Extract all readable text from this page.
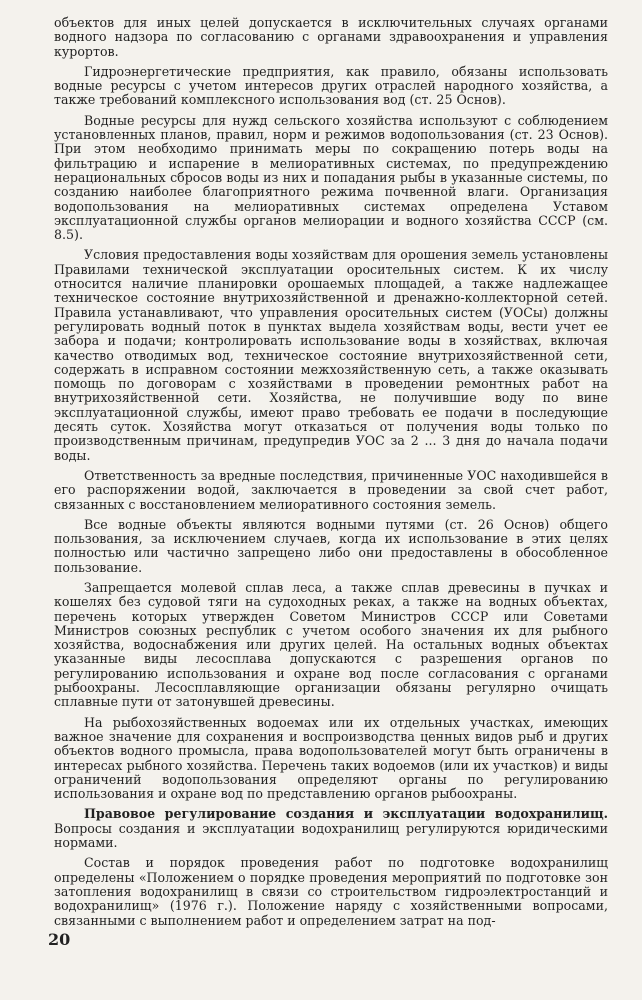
объектов для иных целей допускается в исключительных случаях органами водного надзора по согласованию с органами здравоохранения и управления курортов.

Гидроэнергетические предприятия, как правило, обязаны использовать водные ресурсы с учетом интересов других отраслей народного хозяйства, а также требований комплексного использования вод (ст. 25 Основ).

Водные ресурсы для нужд сельского хозяйства используют с соблюдением установленных планов, правил, норм и режимов водопользования (ст. 23 Основ). При этом необходимо принимать меры по сокращению потерь воды на фильтрацию и испарение в мелиоративных системах, по предупреждению нерациональных сбросов воды из них и попадания рыбы в указанные системы, по созданию наиболее благоприятного режима почвенной влаги. Организация водопользования на мелиоративных системах определена Уставом эксплуатационной службы органов мелиорации и водного хозяйства СССР (см. 8.5).

Условия предоставления воды хозяйствам для орошения земель установлены Правилами технической эксплуатации оросительных систем. К их числу относится наличие планировки орошаемых площадей, а также надлежащее техническое состояние внутрихозяйственной и дренажно-коллекторной сетей. Правила устанавливают, что управления оросительных систем (УОСы) должны регулировать водный поток в пунктах выдела хозяйствам воды, вести учет ее забора и подачи; контролировать использование воды в хозяйствах, включая качество отводимых вод, техническое состояние внутрихозяйственной сети, содержать в исправном состоянии межхозяйственную сеть, а также оказывать помощь по договорам с хозяйствами в проведении ремонтных работ на внутрихозяйственной сети. Хозяйства, не получившие воду по вине эксплуатационной службы, имеют право требовать ее подачи в последующие десять суток. Хозяйства могут отказаться от получения воды только по производственным причинам, предупредив УОС за 2 ... 3 дня до начала подачи воды.

Ответственность за вредные последствия, причиненные УОС находившейся в его распоряжении водой, заключается в проведении за свой счет работ, связанных с восстановлением мелиоративного состояния земель.

Все водные объекты являются водными путями (ст. 26 Основ) общего пользования, за исключением случаев, когда их использование в этих целях полностью или частично запрещено либо они предоставлены в обособленное пользование.

Запрещается молевой сплав леса, а также сплав древесины в пучках и кошелях без судовой тяги на судоходных реках, а также на водных объектах, перечень которых утвержден Советом Министров СССР или Советами Министров союзных республик с учетом особого значения их для рыбного хозяйства, водоснабжения или других целей. На остальных водных объектах указанные виды лесосплава допускаются с разрешения органов по регулированию использования и охране вод после согласования с органами рыбоохраны. Лесосплавляющие организации обязаны регулярно очищать сплавные пути от затонувшей древесины.

На рыбохозяйственных водоемах или их отдельных участках, имеющих важное значение для сохранения и воспроизводства ценных видов рыб и других объектов водного промысла, права водопользователей могут быть ограничены в интересах рыбного хозяйства. Перечень таких водоемов (или их участков) и виды ограничений водопользования определяют органы по регулированию использования и охране вод по представлению органов рыбоохраны.

Правовое регулирование создания и эксплуатации водохранилищ. Вопросы создания и эксплуатации водохранилищ регулируются юридическими нормами.

Состав и порядок проведения работ по подготовке водохранилищ определены «Положением о порядке проведения мероприятий по подготовке зон затопления водохранилищ в связи со строительством гидроэлектростанций и водохранилищ» (1976 г.). Положение наряду с хозяйственными вопросами, связанными с выполнением работ и определением затрат на под-

20
